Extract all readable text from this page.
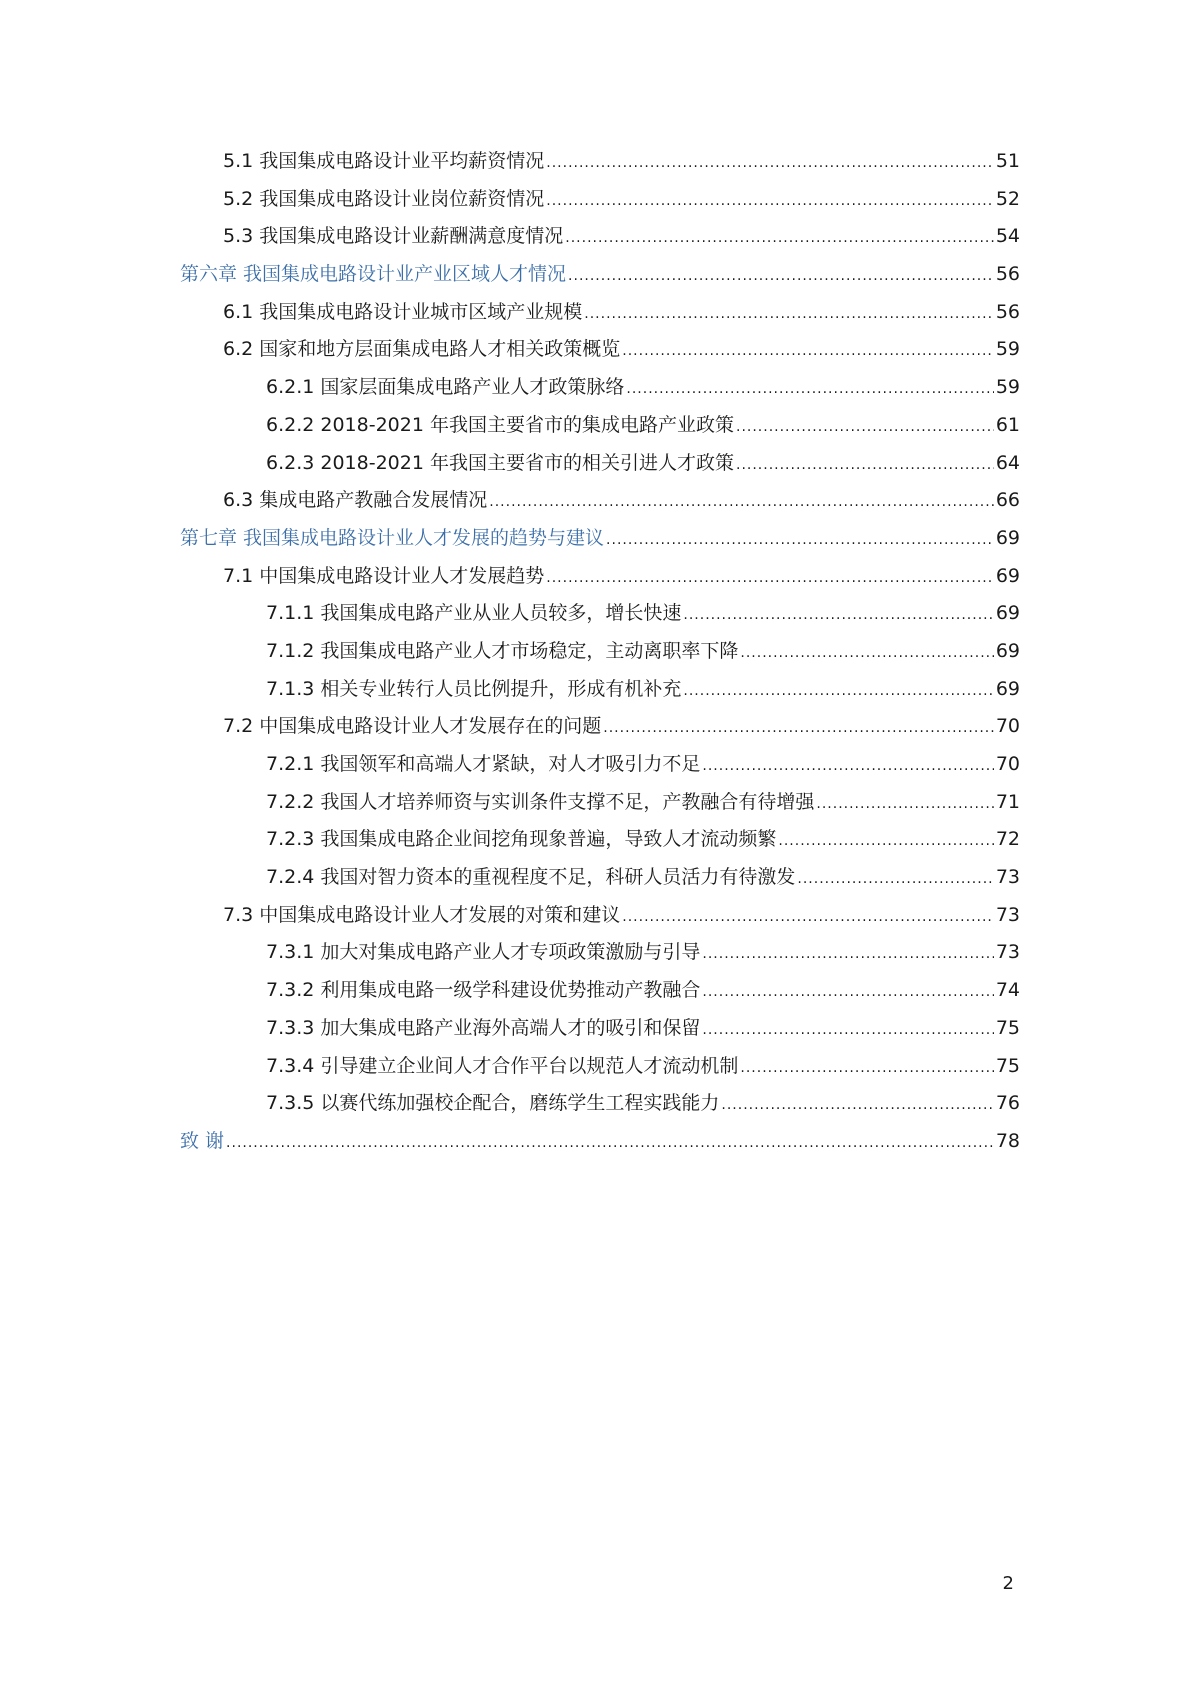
5.1 我国集成电路设计业平均薪资情况 .....	51
5.2 我国集成电路设计业岗位薪资情况 .....	52
5.3 我国集成电路设计业薪酬满意度情况 .....	54
第六章 我国集成电路设计业产业区域人才情况 .....	56
6.1 我国集成电路设计业城市区域产业规模 .....	56
6.2 国家和地方层面集成电路人才相关政策概览 .....	59
6.2.1 国家层面集成电路产业人才政策脉络 .....	59
6.2.2 2018-2021 年我国主要省市的集成电路产业政策 .....	61
6.2.3 2018-2021 年我国主要省市的相关引进人才政策 .....	64
6.3 集成电路产教融合发展情况 .....	66
第七章 我国集成电路设计业人才发展的趋势与建议 .....	69
7.1 中国集成电路设计业人才发展趋势 .....	69
7.1.1 我国集成电路产业从业人员较多，增长快速 .....	69
7.1.2 我国集成电路产业人才市场稳定，主动离职率下降 .....	69
7.1.3 相关专业转行人员比例提升，形成有机补充 .....	69
7.2 中国集成电路设计业人才发展存在的问题 .....	70
7.2.1 我国领军和高端人才紧缺，对人才吸引力不足 .....	70
7.2.2 我国人才培养师资与实训条件支撑不足，产教融合有待增强 .....	71
7.2.3 我国集成电路企业间挖角现象普遍，导致人才流动频繁 .....	72
7.2.4 我国对智力资本的重视程度不足，科研人员活力有待激发 .....	73
7.3 中国集成电路设计业人才发展的对策和建议 .....	73
7.3.1 加大对集成电路产业人才专项政策激励与引导 .....	73
7.3.2 利用集成电路一级学科建设优势推动产教融合 .....	74
7.3.3 加大集成电路产业海外高端人才的吸引和保留 .....	75
7.3.4 引导建立企业间人才合作平台以规范人才流动机制 .....	75
7.3.5 以赛代练加强校企配合，磨练学生工程实践能力 .....	76
致 谢 .....	78
2
